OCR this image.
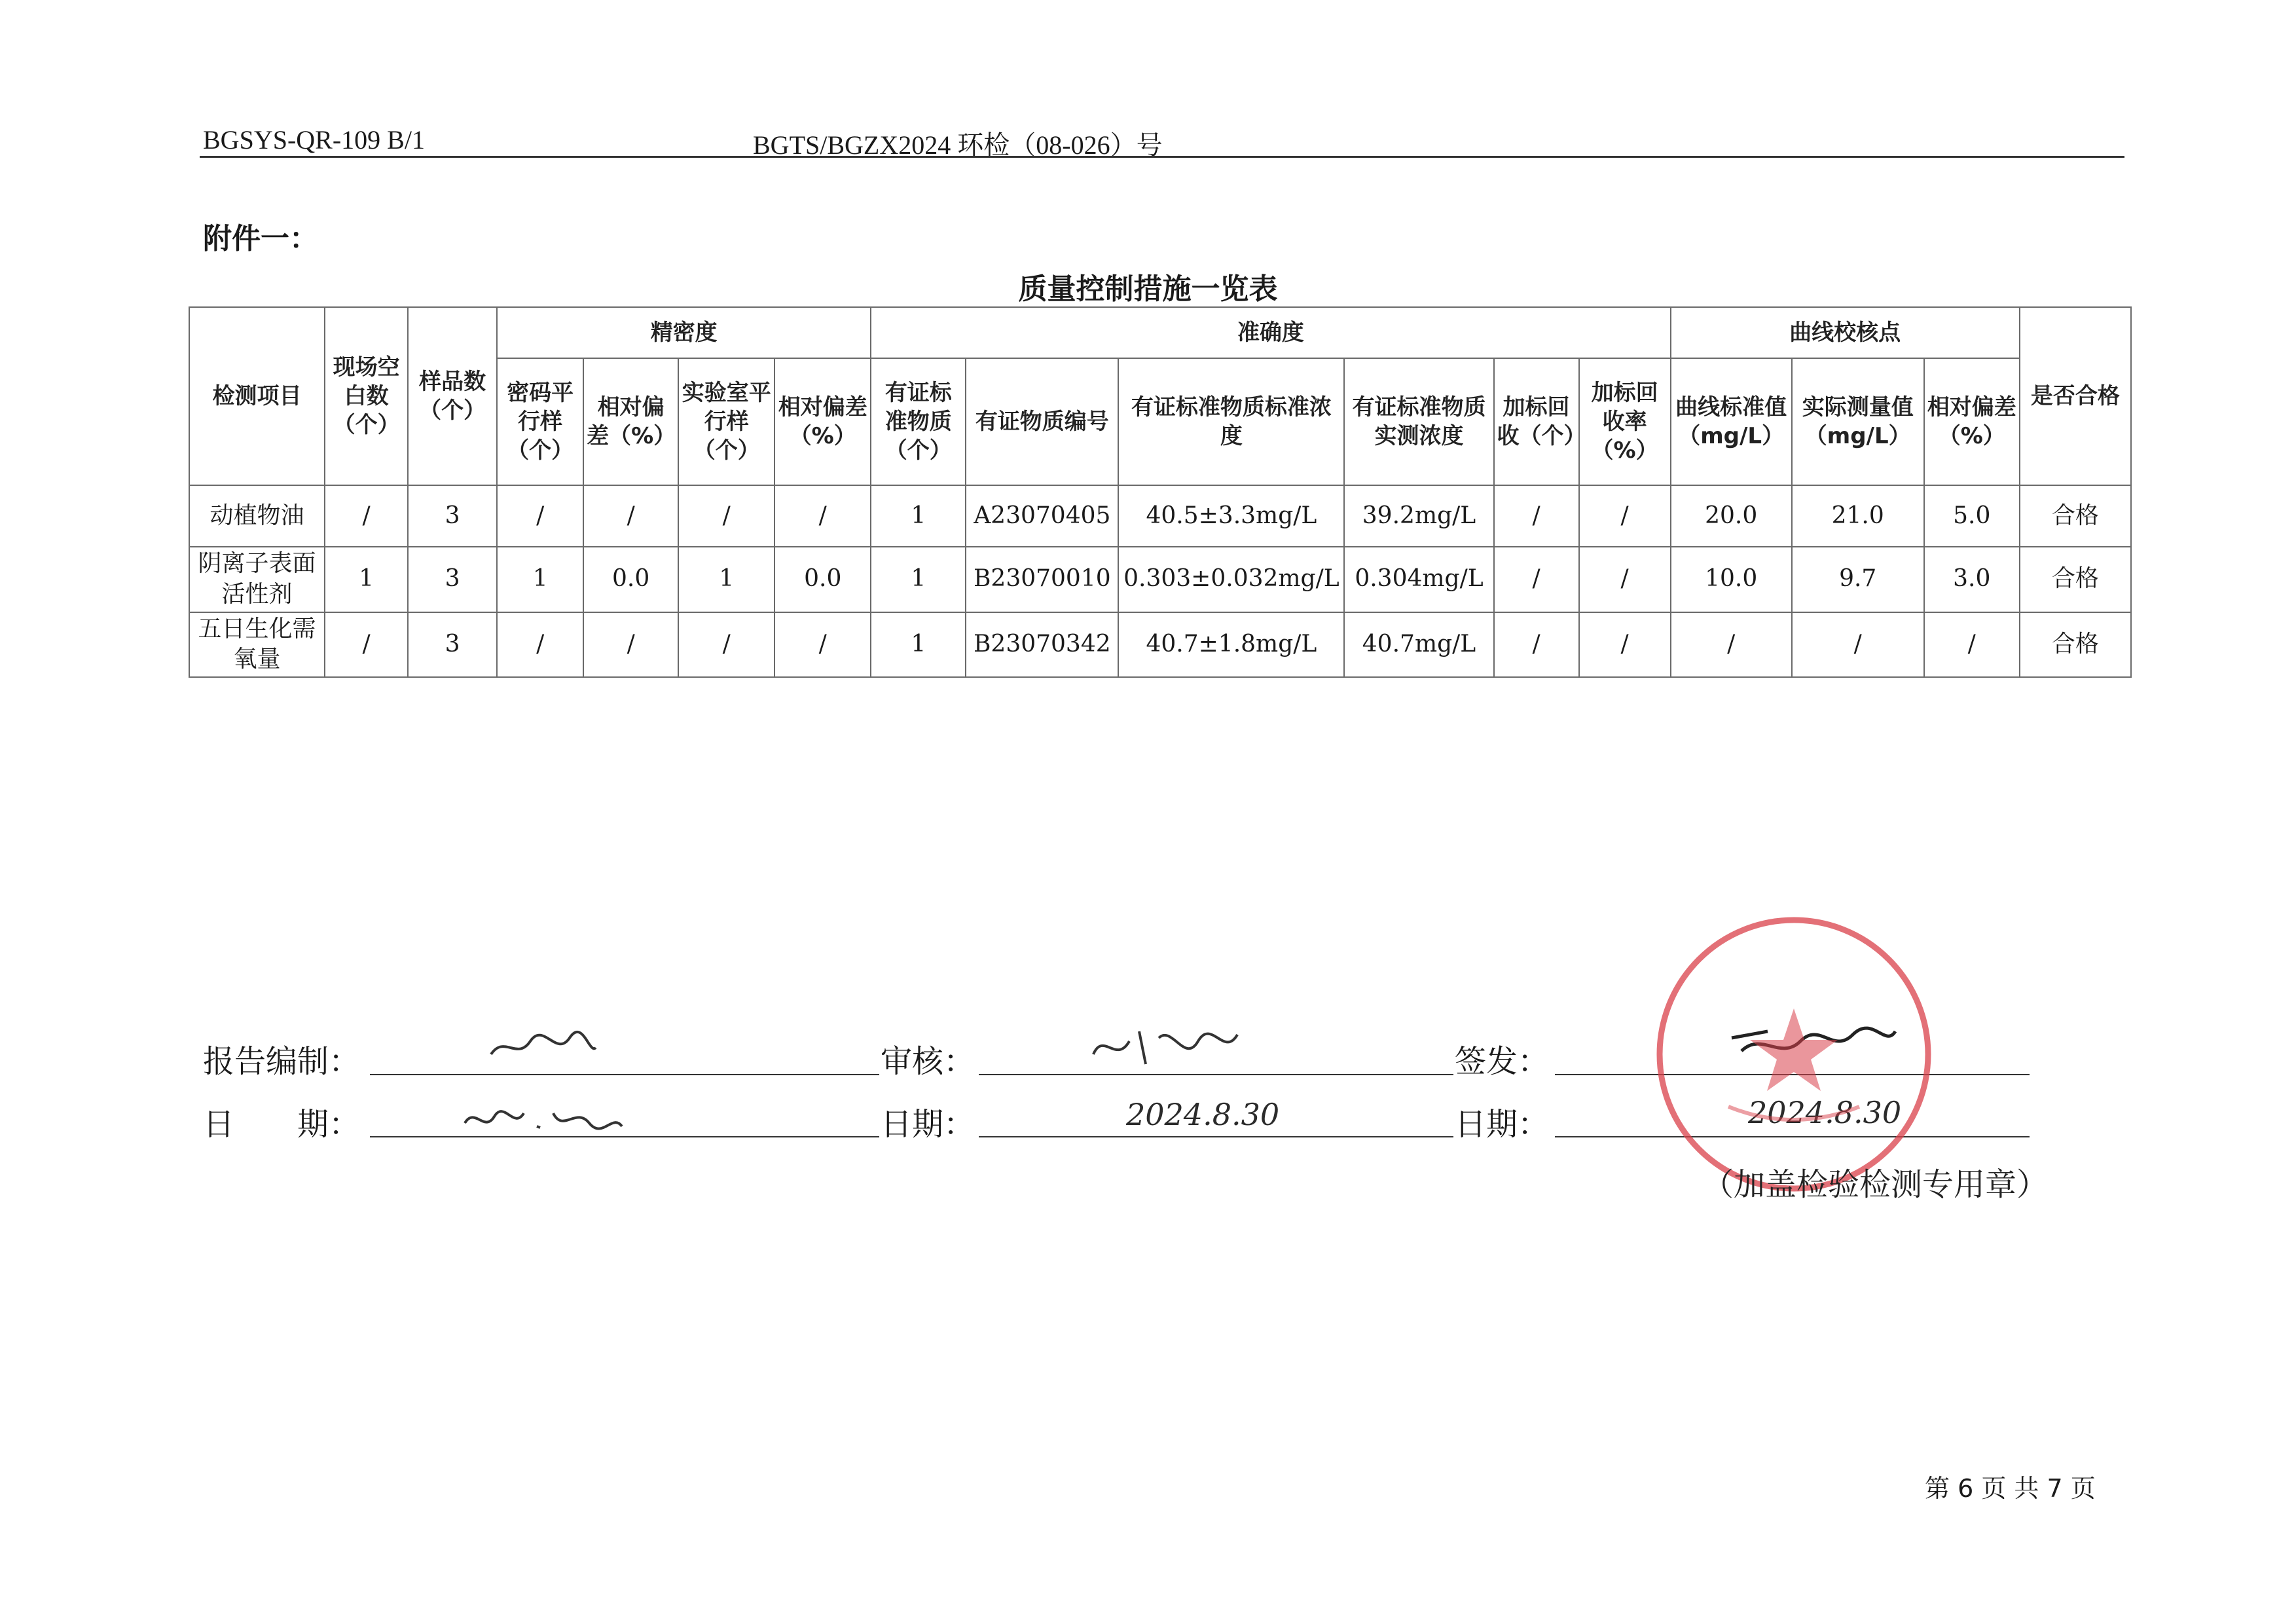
BGSYS-QR-109 B/1	BGTS/BGZX2024 环检（08-026）号
附件一：
质量控制措施一览表
检测项目	现场空白数（个）	样品数（个）	精密度				准确度						曲线校核点			是否合格
			密码平行样（个）	相对偏差（%）	实验室平行样（个）	相对偏差（%）	有证标准物质（个）	有证物质编号	有证标准物质标准浓度	有证标准物质实测浓度	加标回收（个）	加标回收率（%）	曲线标准值（mg/L）	实际测量值（mg/L）	相对偏差（%）	
动植物油	/	3	/	/	/	/	1	A23070405	40.5±3.3mg/L	39.2mg/L	/	/	20.0	21.0	5.0	合格
阴离子表面活性剂	1	3	1	0.0	1	0.0	1	B23070010	0.303±0.032mg/L	0.304mg/L	/	/	10.0	9.7	3.0	合格
五日生化需氧量	/	3	/	/	/	/	1	B23070342	40.7±1.8mg/L	40.7mg/L	/	/	/	/	/	合格
报告编制：	审核：	签发：
日　　期：	日期：	2024.8.30	日期：	2024.8.30
（加盖检验检测专用章）
第 6 页 共 7 页
